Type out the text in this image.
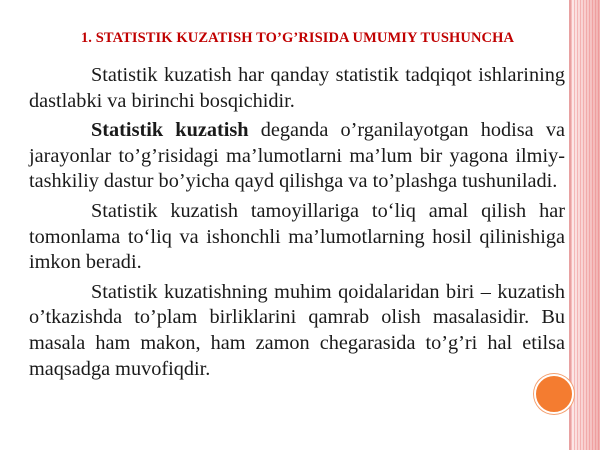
1. STATISTIK KUZATISH TO’G’RISIDA UMUMIY TUSHUNCHA

Statistik kuzatish har qanday statistik tadqiqot ishlarining dastlabki va birinchi bosqichidir.

Statistik kuzatish deganda o’rganilayotgan hodisa va jarayonlar to’g’risidagi ma’lumotlarni ma’lum bir yagona ilmiy-tashkiliy dastur bo’yicha qayd qilishga va to’plashga tushuniladi.

Statistik kuzatish tamoyillariga to‘liq amal qilish har tomonlama to‘liq va ishonchli ma’lumotlarning hosil qilinishiga imkon beradi.

Statistik kuzatishning muhim qoidalaridan biri – kuzatish o’tkazishda to’plam birliklarini qamrab olish masalasidir. Bu masala ham makon, ham zamon chegarasida to’g’ri hal etilsa maqsadga muvofiqdir.
